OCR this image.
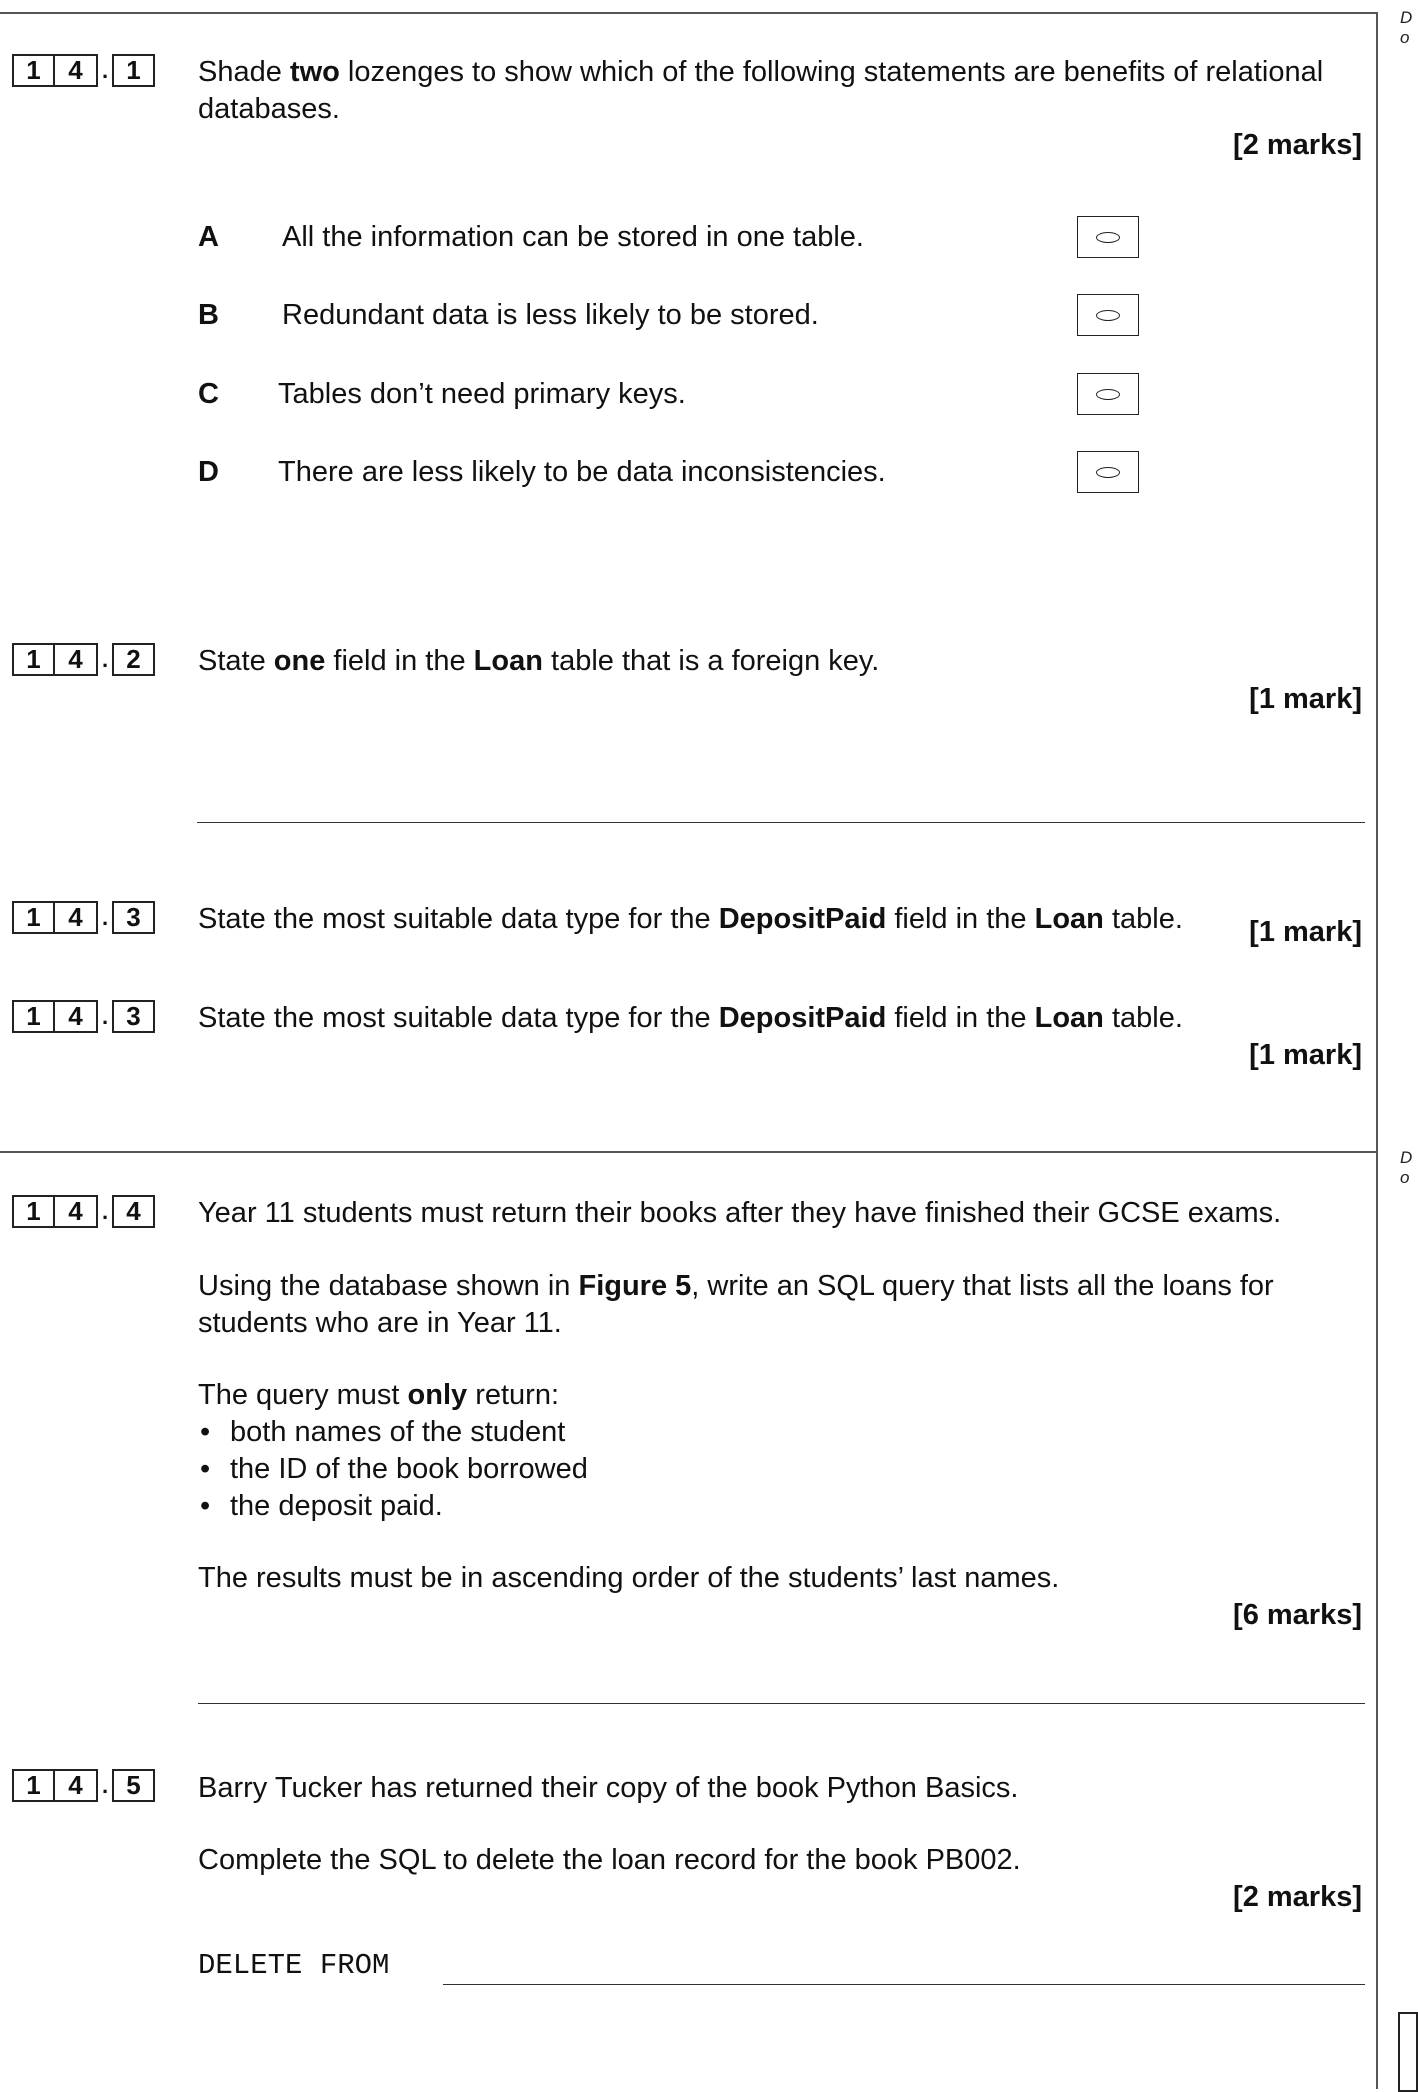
D
o
D
o
1	4 . 1	Shade two lozenges to show which of the following statements are benefits of relational databases.
[2 marks]
A All the information can be stored in one table.
B Redundant data is less likely to be stored.
C Tables don’t need primary keys.
D There are less likely to be data inconsistencies.
1	4 . 2	State one field in the Loan table that is a foreign key.
[1 mark]
1	4 . 3	State the most suitable data type for the DepositPaid field in the Loan table. [1 mark]
1	4 . 3	State the most suitable data type for the DepositPaid field in the Loan table.
[1 mark]
1	4 . 4	Year 11 students must return their books after they have finished their GCSE exams.
Using the database shown in Figure 5, write an SQL query that lists all the loans for students who are in Year 11.
The query must only return:
• both names of the student
• the ID of the book borrowed
• the deposit paid.
The results must be in ascending order of the students’ last names.
[6 marks]
1	4 . 5	Barry Tucker has returned their copy of the book Python Basics.
Complete the SQL to delete the loan record for the book PB002.
[2 marks]
DELETE FROM
